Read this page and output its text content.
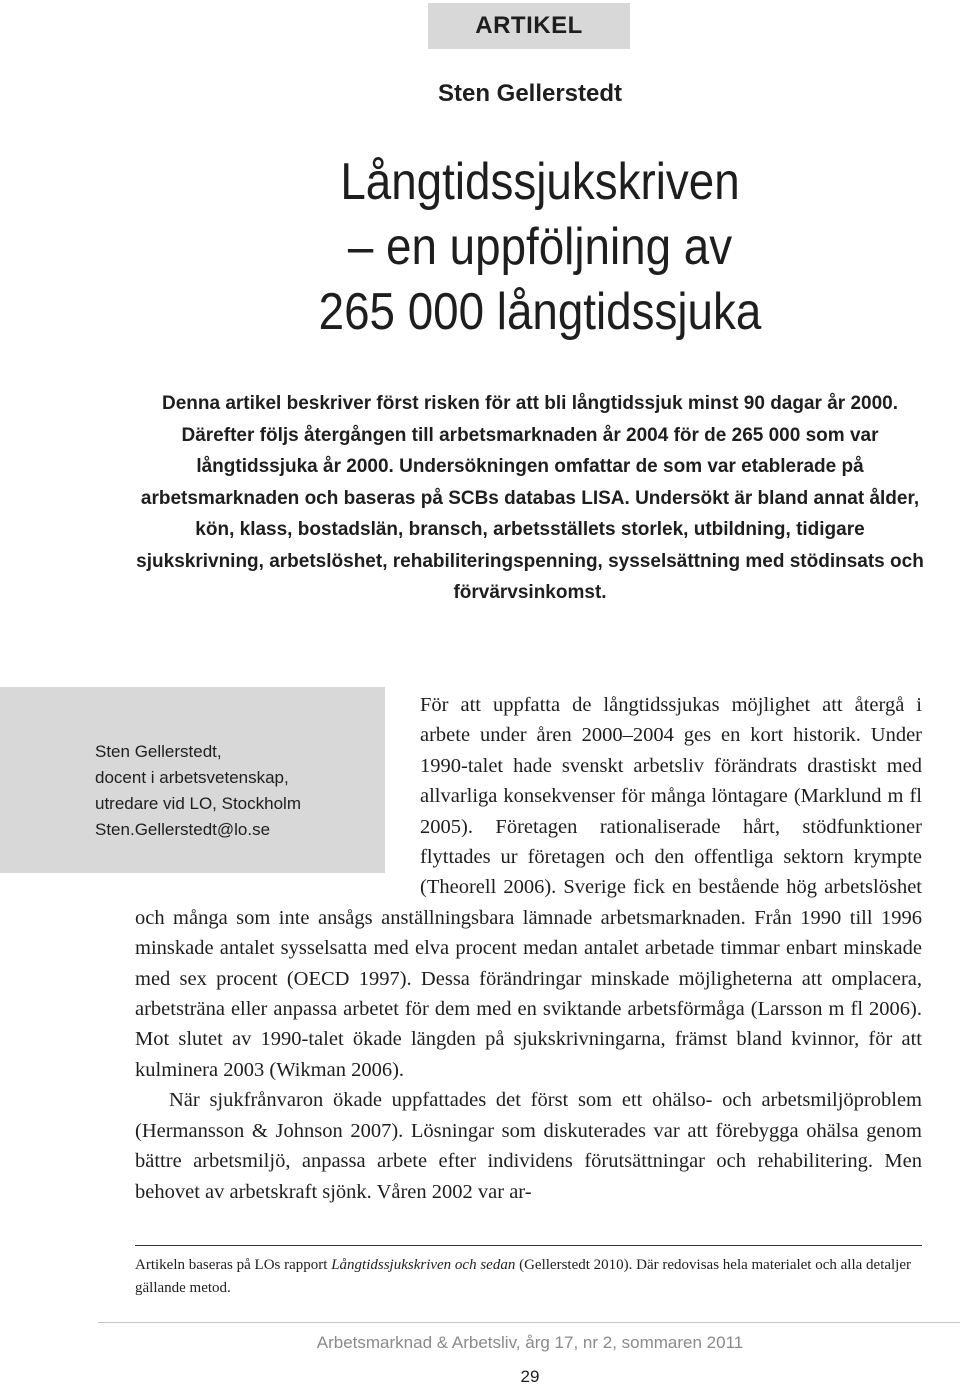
ARTIKEL
Sten Gellerstedt
Långtidssjukskriven
– en uppföljning av
265 000 långtidssjuka
Denna artikel beskriver först risken för att bli långtidssjuk minst 90 dagar år 2000. Därefter följs återgången till arbetsmarknaden år 2004 för de 265 000 som var långtidssjuka år 2000. Undersökningen omfattar de som var etablerade på arbetsmarknaden och baseras på SCBs databas LISA. Undersökt är bland annat ålder, kön, klass, bostadslän, bransch, arbetsställets storlek, utbildning, tidigare sjukskrivning, arbetslöshet, rehabiliteringspenning, sysselsättning med stödinsats och förvärvsinkomst.
Sten Gellerstedt,
docent i arbetsvetenskap,
utredare vid LO, Stockholm
Sten.Gellerstedt@lo.se

För att uppfatta de långtidssjukas möjlighet att återgå i arbete under åren 2000–2004 ges en kort historik. Under 1990-talet hade svenskt arbetsliv förändrats drastiskt med allvarliga konsekvenser för många löntagare (Marklund m fl 2005). Företagen rationaliserade hårt, stödfunktioner flyttades ur företagen och den offentliga sektorn krympte (Theorell 2006). Sverige fick en bestående hög arbetslöshet och många som inte ansågs anställningsbara lämnade arbetsmarknaden. Från 1990 till 1996 minskade antalet sysselsatta med elva procent medan antalet arbetade timmar enbart minskade med sex procent (OECD 1997). Dessa förändringar minskade möjligheterna att omplacera, arbetsträna eller anpassa arbetet för dem med en sviktande arbetsförmåga (Larsson m fl 2006). Mot slutet av 1990-talet ökade längden på sjukskrivningarna, främst bland kvinnor, för att kulminera 2003 (Wikman 2006).

När sjukfrånvaron ökade uppfattades det först som ett ohälso- och arbetsmiljöproblem (Hermansson & Johnson 2007). Lösningar som diskuterades var att förebygga ohälsa genom bättre arbetsmiljö, anpassa arbete efter individens förutsättningar och rehabilitering. Men behovet av arbetskraft sjönk. Våren 2002 var ar-

Artikeln baseras på LOs rapport Långtidssjukskriven och sedan (Gellerstedt 2010). Där redovisas hela materialet och alla detaljer gällande metod.
Arbetsmarknad & Arbetsliv, årg 17, nr 2, sommaren 2011
29
